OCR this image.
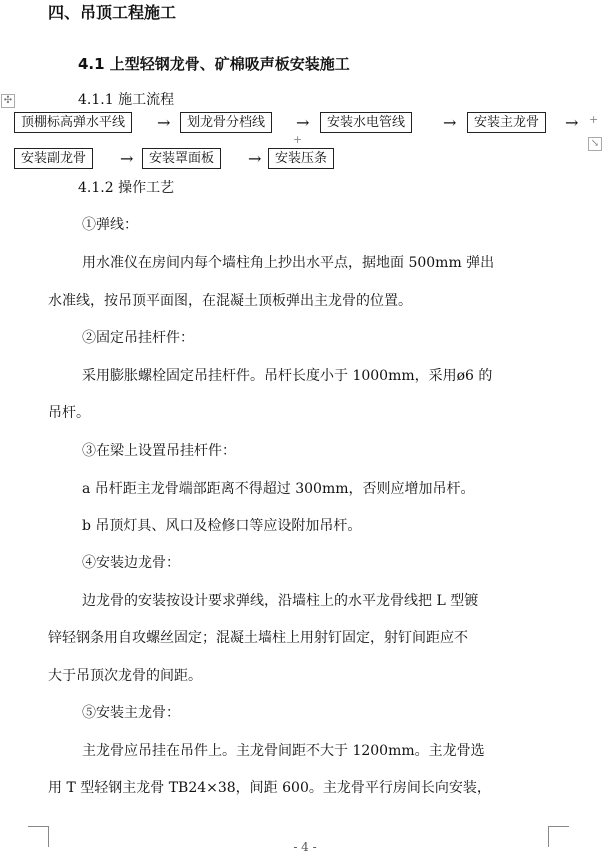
四、吊顶工程施工
4.1 上型轻钢龙骨、矿棉吸声板安装施工
✣	4.1.1 施工流程
顶棚标高弹水平线	→	划龙骨分档线	→	安装水电管线	→	安装主龙骨	→ +
+	↘
安装副龙骨	→	安装罩面板	→	安装压条
4.1.2 操作工艺
①弹线：
用水准仪在房间内每个墙柱角上抄出水平点，据地面 500mm 弹出
水准线，按吊顶平面图，在混凝土顶板弹出主龙骨的位置。
②固定吊挂杆件：
采用膨胀螺栓固定吊挂杆件。吊杆长度小于 1000mm，采用ø6 的
吊杆。
③在梁上设置吊挂杆件：
a 吊杆距主龙骨端部距离不得超过 300mm，否则应增加吊杆。
b 吊顶灯具、风口及检修口等应设附加吊杆。
④安装边龙骨：
边龙骨的安装按设计要求弹线，沿墙柱上的水平龙骨线把 L 型镀
锌轻钢条用自攻螺丝固定；混凝土墙柱上用射钉固定，射钉间距应不
大于吊顶次龙骨的间距。
⑤安装主龙骨：
主龙骨应吊挂在吊件上。主龙骨间距不大于 1200mm。主龙骨选
用 T 型轻钢主龙骨 TB24×38，间距 600。主龙骨平行房间长向安装，
- 4 -
